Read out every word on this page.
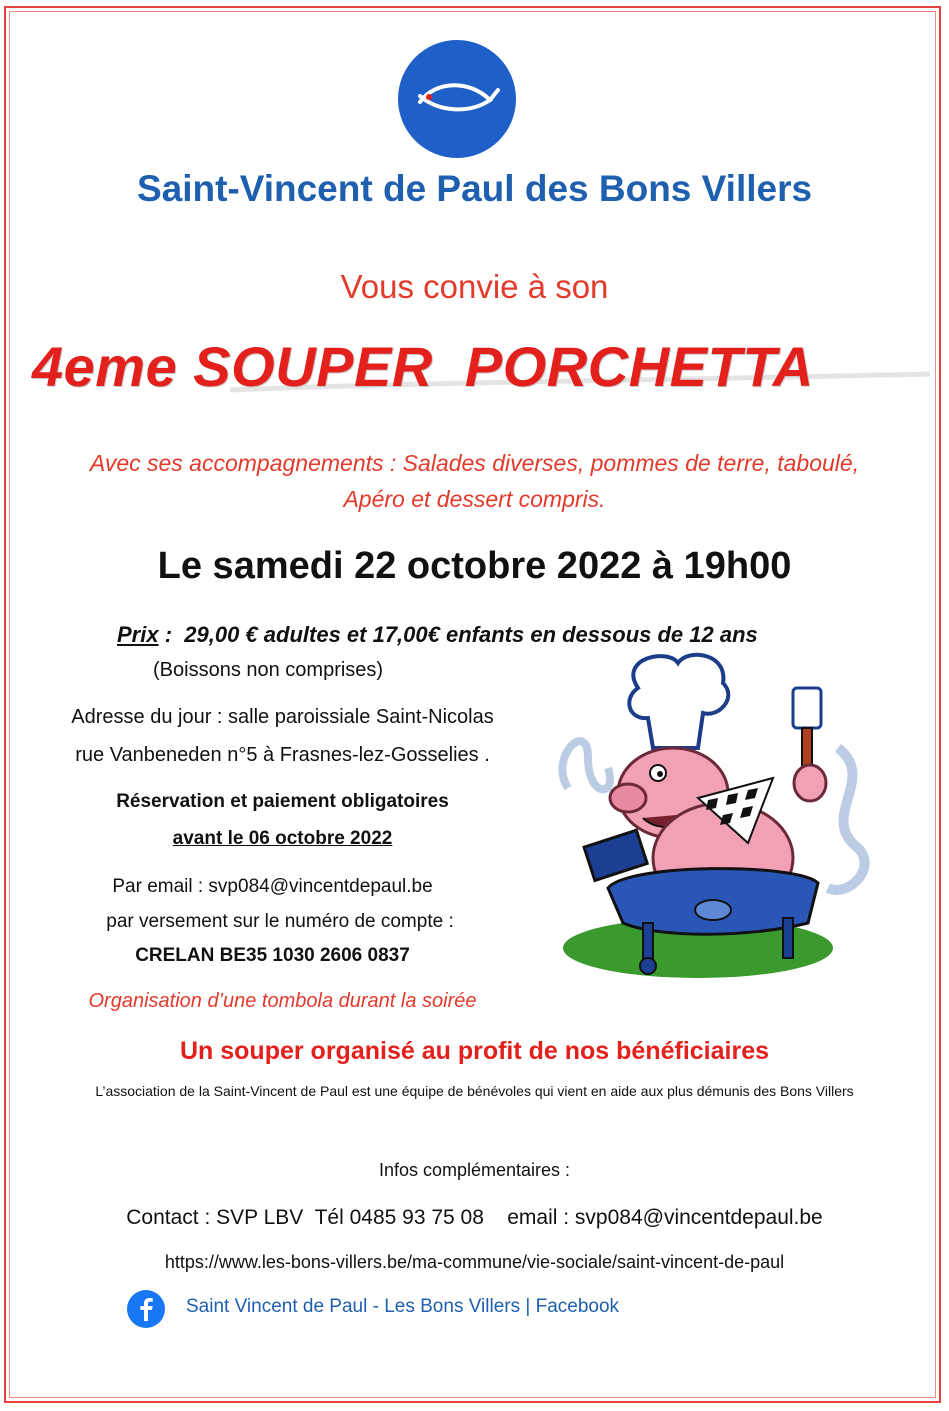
Saint-Vincent de Paul des Bons Villers
Vous convie à son
4eme SOUPER  PORCHETTA
Avec ses accompagnements : Salades diverses, pommes de terre, taboulé,
Apéro et dessert compris.
Le samedi 22 octobre 2022 à 19h00
Prix :  29,00 € adultes et 17,00€ enfants en dessous de 12 ans
(Boissons non comprises)
Adresse du jour : salle paroissiale Saint-Nicolas
rue Vanbeneden n°5 à Frasnes-lez-Gosselies .
Réservation et paiement obligatoires
avant le 06 octobre 2022
Par email : svp084@vincentdepaul.be
par versement sur le numéro de compte :
CRELAN BE35 1030 2606 0837
Organisation d’une tombola durant la soirée
Un souper organisé au profit de nos bénéficiaires
L’association de la Saint-Vincent de Paul est une équipe de bénévoles qui vient en aide aux plus démunis des Bons Villers
Infos complémentaires :
Contact : SVP LBV  Tél 0485 93 75 08    email : svp084@vincentdepaul.be
https://www.les-bons-villers.be/ma-commune/vie-sociale/saint-vincent-de-paul
Saint Vincent de Paul - Les Bons Villers | Facebook
